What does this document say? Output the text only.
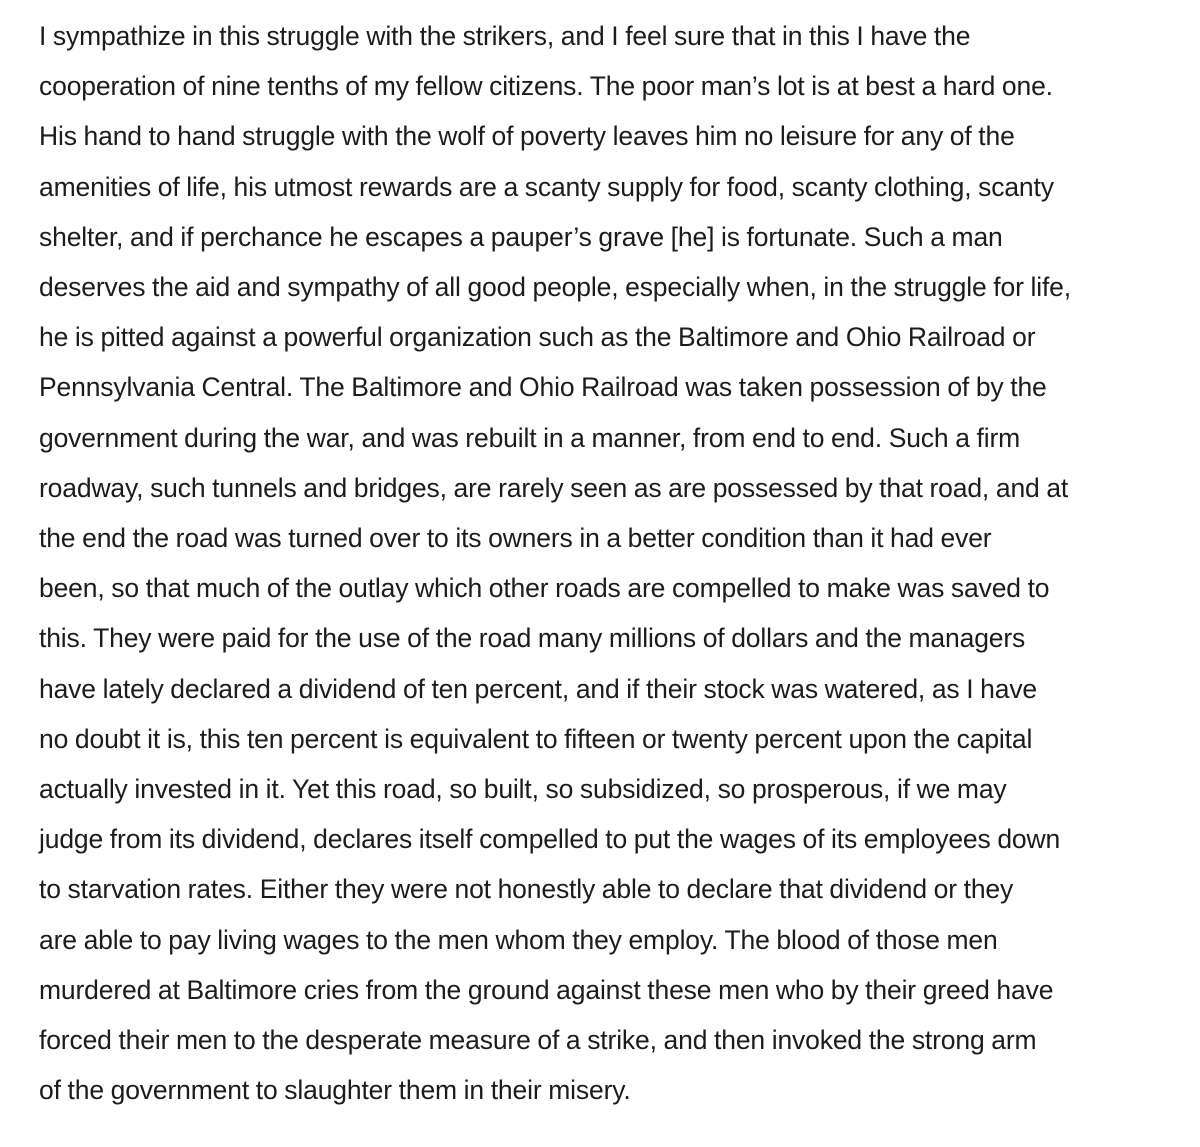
I sympathize in this struggle with the strikers, and I feel sure that in this I have the
cooperation of nine tenths of my fellow citizens. The poor man’s lot is at best a hard one.
His hand to hand struggle with the wolf of poverty leaves him no leisure for any of the
amenities of life, his utmost rewards are a scanty supply for food, scanty clothing, scanty
shelter, and if perchance he escapes a pauper’s grave [he] is fortunate. Such a man
deserves the aid and sympathy of all good people, especially when, in the struggle for life,
he is pitted against a powerful organization such as the Baltimore and Ohio Railroad or
Pennsylvania Central. The Baltimore and Ohio Railroad was taken possession of by the
government during the war, and was rebuilt in a manner, from end to end. Such a firm
roadway, such tunnels and bridges, are rarely seen as are possessed by that road, and at
the end the road was turned over to its owners in a better condition than it had ever
been, so that much of the outlay which other roads are compelled to make was saved to
this. They were paid for the use of the road many millions of dollars and the managers
have lately declared a dividend of ten percent, and if their stock was watered, as I have
no doubt it is, this ten percent is equivalent to fifteen or twenty percent upon the capital
actually invested in it. Yet this road, so built, so subsidized, so prosperous, if we may
judge from its dividend, declares itself compelled to put the wages of its employees down
to starvation rates. Either they were not honestly able to declare that dividend or they
are able to pay living wages to the men whom they employ. The blood of those men
murdered at Baltimore cries from the ground against these men who by their greed have
forced their men to the desperate measure of a strike, and then invoked the strong arm
of the government to slaughter them in their misery.
